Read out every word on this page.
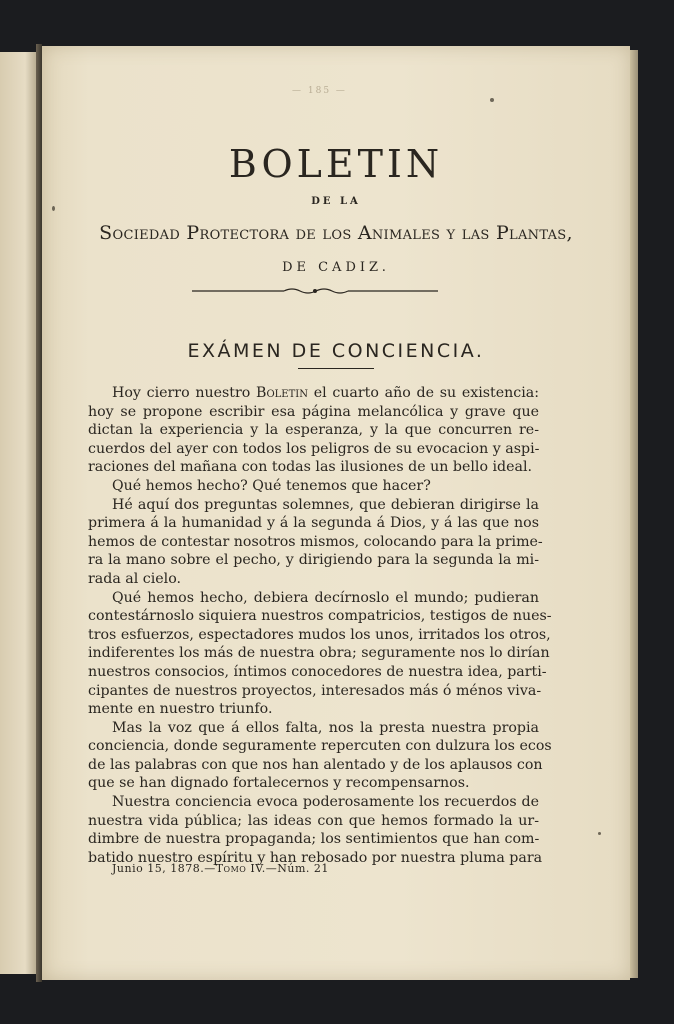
— 185 —
BOLETIN
DE LA
Sociedad Protectora de los Animales y las Plantas,
DE CADIZ.
EXÁMEN DE CONCIENCIA.
Hoy cierro nuestro Boletin el cuarto año de su existencia:
hoy se propone escribir esa página melancólica y grave que
dictan la experiencia y la esperanza, y la que concurren re-
cuerdos del ayer con todos los peligros de su evocacion y aspi-
raciones del mañana con todas las ilusiones de un bello ideal.
Qué hemos hecho? Qué tenemos que hacer?
Hé aquí dos preguntas solemnes, que debieran dirigirse la
primera á la humanidad y á la segunda á Dios, y á las que nos
hemos de contestar nosotros mismos, colocando para la prime-
ra la mano sobre el pecho, y dirigiendo para la segunda la mi-
rada al cielo.
Qué hemos hecho, debiera decírnoslo el mundo; pudieran
contestárnoslo siquiera nuestros compatricios, testigos de nues-
tros esfuerzos, espectadores mudos los unos, irritados los otros,
indiferentes los más de nuestra obra; seguramente nos lo dirían
nuestros consocios, íntimos conocedores de nuestra idea, parti-
cipantes de nuestros proyectos, interesados más ó ménos viva-
mente en nuestro triunfo.
Mas la voz que á ellos falta, nos la presta nuestra propia
conciencia, donde seguramente repercuten con dulzura los ecos
de las palabras con que nos han alentado y de los aplausos con
que se han dignado fortalecernos y recompensarnos.
Nuestra conciencia evoca poderosamente los recuerdos de
nuestra vida pública; las ideas con que hemos formado la ur-
dimbre de nuestra propaganda; los sentimientos que han com-
batido nuestro espíritu y han rebosado por nuestra pluma para
Junio 15, 1878.—Tomo IV.—Núm. 21
